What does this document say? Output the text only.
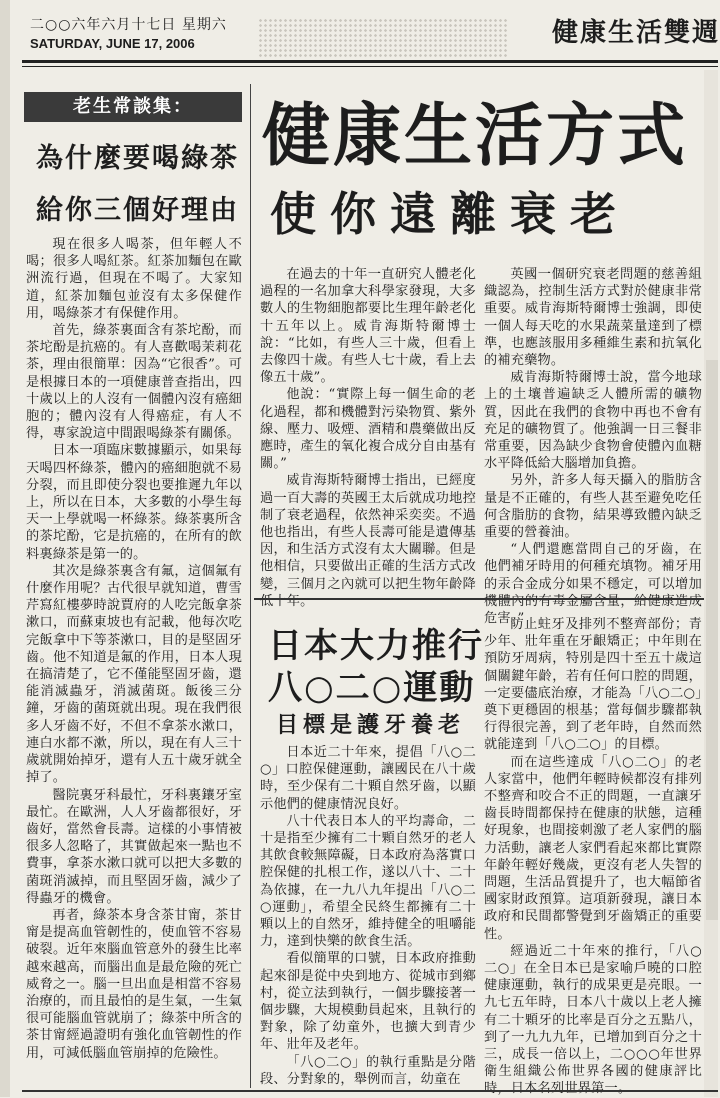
二○○六年六月十七日 星期六
SATURDAY, JUNE 17, 2006	健康生活雙週
老生常談集：
為什麼要喝綠茶
給你三個好理由

現在很多人喝茶，但年輕人不喝；很多人喝紅茶。紅茶加麵包在歐洲流行過，但現在不喝了。大家知道，紅茶加麵包並沒有太多保健作用，喝綠茶才有保健作用。

首先，綠茶裏面含有茶坨酚，而茶坨酚是抗癌的。有人喜歡喝茉莉花茶，理由很簡單：因為“它很香”。可是根據日本的一項健康普查指出，四十歲以上的人沒有一個體內沒有癌細胞的；體內沒有人得癌症，有人不得，專家說這中間跟喝綠茶有關係。

日本一項臨床數據顯示，如果每天喝四杯綠茶，體內的癌細胞就不易分裂，而且即使分裂也要推遲九年以上，所以在日本，大多數的小學生每天一上學就喝一杯綠茶。綠茶裏所含的茶坨酚，它是抗癌的，在所有的飲料裏綠茶是第一的。

其次是綠茶裏含有氟，這個氟有什麼作用呢？古代很早就知道，曹雪芹寫紅樓夢時說賈府的人吃完飯拿茶漱口，而蘇東坡也有記載，他每次吃完飯拿中下等茶漱口，目的是堅固牙齒。他不知道是氟的作用，日本人現在搞清楚了，它不僅能堅固牙齒，還能消滅蟲牙，消滅菌斑。飯後三分鐘，牙齒的菌斑就出現。現在我們很多人牙齒不好，不但不拿茶水漱口，連白水都不漱，所以，現在有人三十歲就開始掉牙，還有人五十歲牙就全掉了。

醫院裏牙科最忙，牙科裏鑲牙室最忙。在歐洲，人人牙齒都很好，牙齒好，當然會長壽。這樣的小事情被很多人忽略了，其實做起來一點也不費事，拿茶水漱口就可以把大多數的菌斑消滅掉，而且堅固牙齒，減少了得蟲牙的機會。

再者，綠茶本身含茶甘甯，茶甘甯是提高血管韌性的，使血管不容易破裂。近年來腦血管意外的發生比率越來越高，而腦出血是最危險的死亡威脅之一。腦一旦出血是相當不容易治療的，而且最怕的是生氣，一生氣很可能腦血管就崩了；綠茶中所含的茶甘甯經過證明有強化血管韌性的作用，可減低腦血管崩掉的危險性。

健康生活方式
使你遠離衰老

在過去的十年一直研究人體老化過程的一名加拿大科學家發現，大多數人的生物細胞都要比生理年齡老化十五年以上。威肯海斯特爾博士說：“比如，有些人三十歲，但看上去像四十歲。有些人七十歲，看上去像五十歲”。

他說：“實際上每一個生命的老化過程，都和機體對污染物質、紫外線、壓力、吸煙、酒精和農藥做出反應時，產生的氧化複合成分自由基有關。”

威肯海斯特爾博士指出，已經度過一百大壽的英國王太后就成功地控制了衰老過程，依然神采奕奕。不過他也指出，有些人長壽可能是遺傳基因，和生活方式沒有太大關聯。但是他相信，只要做出正確的生活方式改變，三個月之內就可以把生物年齡降低十年。

英國一個研究衰老問題的慈善組織認為，控制生活方式對於健康非常重要。威肯海斯特爾博士強調，即使一個人每天吃的水果蔬菜量達到了標準，也應該服用多種維生素和抗氧化的補充藥物。

威肯海斯特爾博士說，當今地球上的土壤普遍缺乏人體所需的礦物質，因此在我們的食物中再也不會有充足的礦物質了。他強調一日三餐非常重要，因為缺少食物會使體內血糖水平降低給大腦增加負擔。

另外，許多人每天攝入的脂肪含量是不正確的，有些人甚至避免吃任何含脂肪的食物，結果導致體內缺乏重要的營養油。

“人們還應當問自己的牙齒，在他們補牙時用的何種充填物。補牙用的汞合金成分如果不穩定，可以增加機體內的有毒金屬含量，給健康造成危害。”

日本大力推行
八○二○運動
目標是護牙養老

日本近二十年來，提倡「八○二○」口腔保健運動，讓國民在八十歲時，至少保有二十顆自然牙齒，以顯示他們的健康情況良好。

八十代表日本人的平均壽命，二十是指至少擁有二十顆自然牙的老人其飲食較無障礙，日本政府為落實口腔保健的扎根工作，遂以八十、二十為依據，在一九八九年提出「八○二○運動」，希望全民終生都擁有二十顆以上的自然牙，維持健全的咀嚼能力，達到快樂的飲食生活。

看似簡單的口號，日本政府推動起來卻是從中央到地方、從城市到鄉村，從立法到執行，一個步驟接著一個步驟，大規模動員起來，且執行的對象，除了幼童外，也擴大到青少年、壯年及老年。

「八○二○」的執行重點是分階段、分對象的，舉例而言，幼童在

防止蛀牙及排列不整齊部份；青少年、壯年重在牙齦矯正；中年則在預防牙周病，特別是四十至五十歲這個關鍵年齡，若有任何口腔的問題，一定要儘底治療，才能為「八○二○」奠下更穩固的根基；當每個步驟都執行得很完善，到了老年時，自然而然就能達到「八○二○」的目標。

而在這些達成「八○二○」的老人家當中，他們年輕時候都沒有排列不整齊和咬合不正的問題，一直讓牙齒長時間都保持在健康的狀態，這種好現象，也間接刺激了老人家們的腦力活動，讓老人家們看起來都比實際年齡年輕好幾歲，更沒有老人失智的問題，生活品質提升了，也大幅節省國家財政預算。這項新發現，讓日本政府和民間都警覺到牙齒矯正的重要性。

經過近二十年來的推行，「八○二○」在全日本已是家喻戶曉的口腔健康運動，執行的成果更是亮眼。一九七五年時，日本八十歲以上老人擁有二十顆牙的比率是百分之五點八，到了一九九九年，已增加到百分之十三，成長一倍以上，二○○○年世界衛生組織公佈世界各國的健康評比時，日本名列世界第一。
